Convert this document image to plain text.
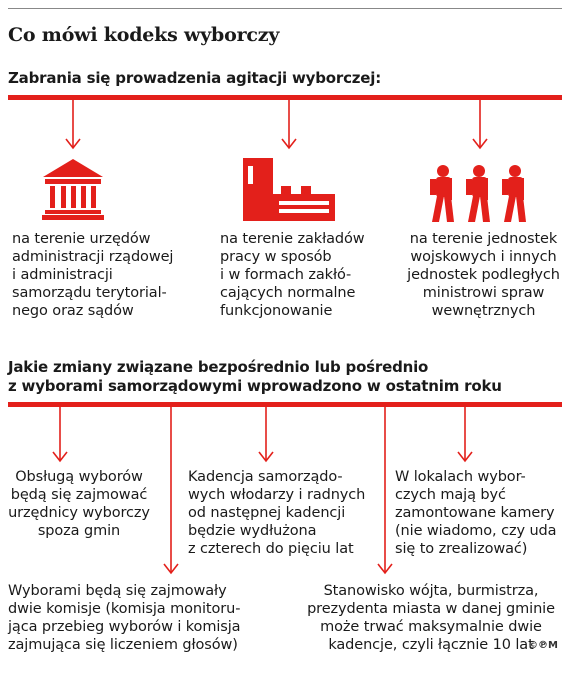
Co mówi kodeks wyborczy
Zabrania się prowadzenia agitacji wyborczej:
na terenie urzędów
administracji rządowej
i administracji
samorządu terytorial-
nego oraz sądów
na terenie zakładów
pracy w sposób
i w formach zakłó-
cających normalne
funkcjonowanie
na terenie jednostek
wojskowych i innych
jednostek podległych
ministrowi spraw
wewnętrznych
Jakie zmiany związane bezpośrednio lub pośrednio
z wyborami samorządowymi wprowadzono w ostatnim roku
Obsługą wyborów
będą się zajmować
urzędnicy wyborczy
spoza gmin
Kadencja samorządo-
wych włodarzy i radnych
od następnej kadencji
będzie wydłużona
z czterech do pięciu lat
W lokalach wybor-
czych mają być
zamontowane kamery
(nie wiadomo, czy uda
się to zrealizować)
Wyborami będą się zajmowały
dwie komisje (komisja monitoru-
jąca przebieg wyborów i komisja
zajmująca się liczeniem głosów)
Stanowisko wójta, burmistrza,
prezydenta miasta w danej gminie
może trwać maksymalnie dwie
kadencje, czyli łącznie 10 lat
©℗M
